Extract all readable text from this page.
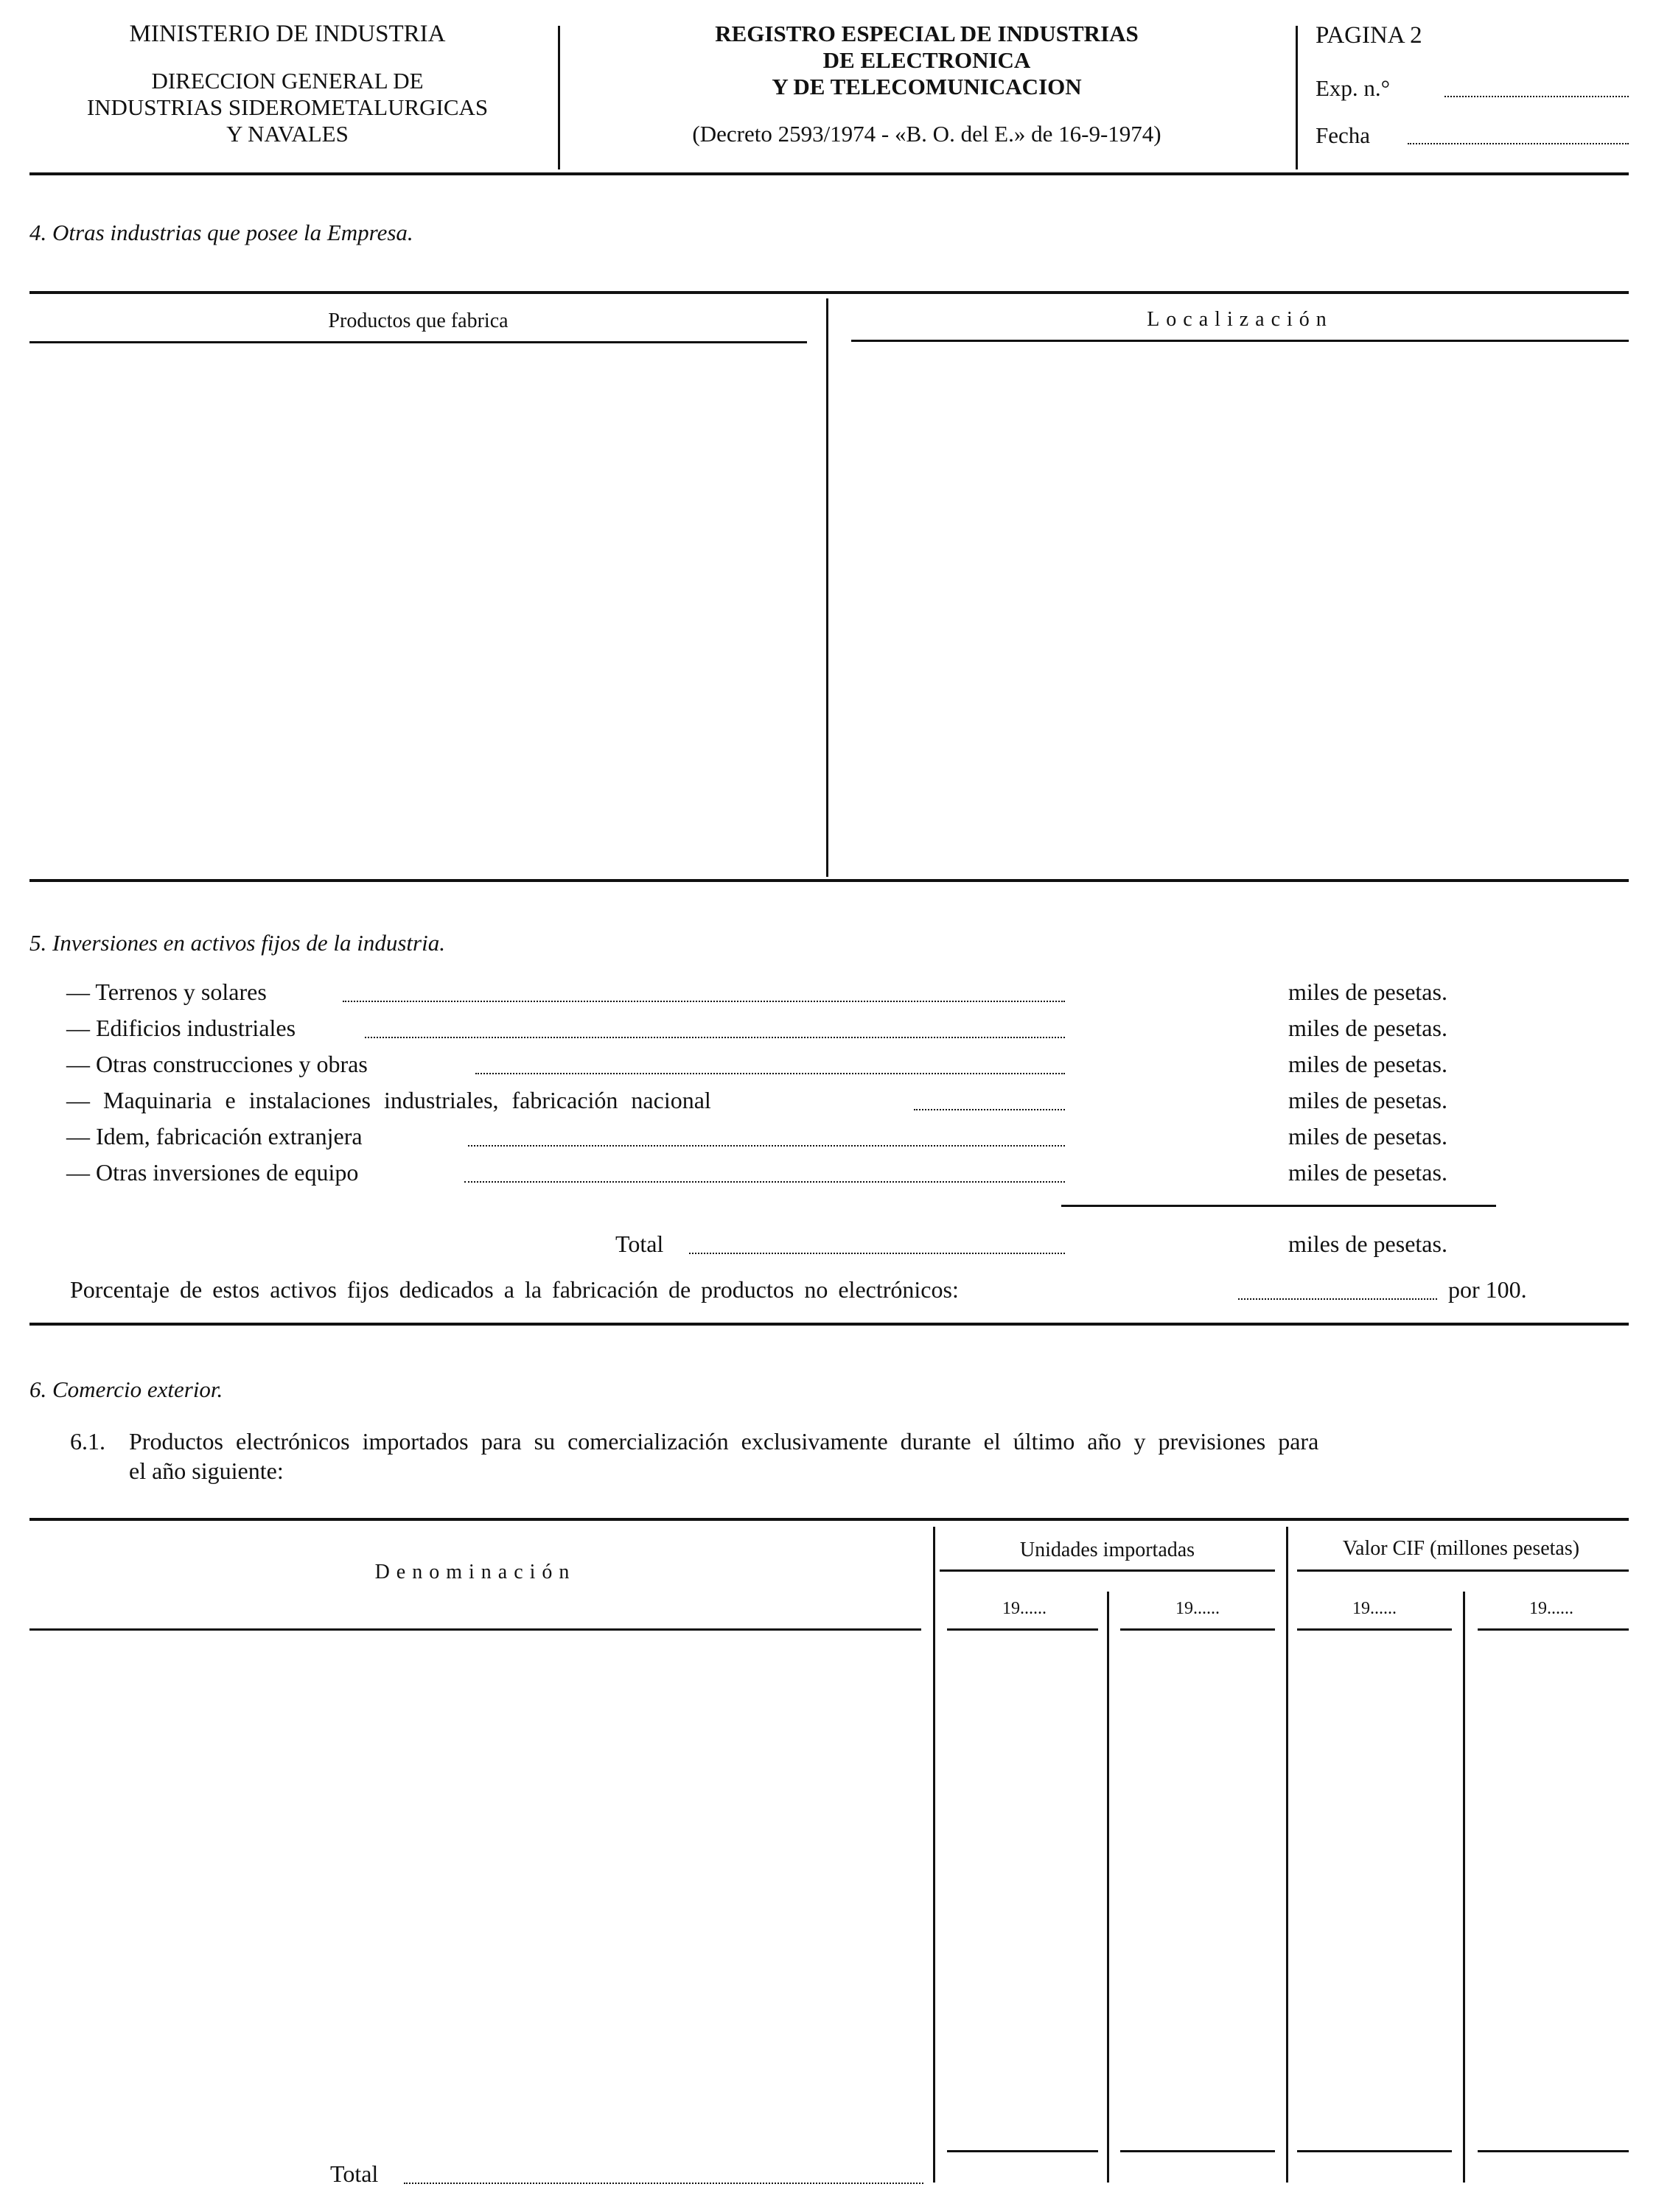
MINISTERIO DE INDUSTRIA
DIRECCION GENERAL DE
INDUSTRIAS SIDEROMETALURGICAS
Y NAVALES
REGISTRO ESPECIAL DE INDUSTRIAS
DE ELECTRONICA
Y DE TELECOMUNICACION
(Decreto 2593/1974 - «B. O. del E.» de 16-9-1974)
PAGINA 2
Exp. n.°
Fecha
4. Otras industrias que posee la Empresa.
Productos que fabrica	Localización
5. Inversiones en activos fijos de la industria.
— Terrenos y solares	miles de pesetas.
— Edificios industriales	miles de pesetas.
— Otras construcciones y obras	miles de pesetas.
— Maquinaria e instalaciones industriales, fabricación nacional	miles de pesetas.
— Idem, fabricación extranjera	miles de pesetas.
— Otras inversiones de equipo	miles de pesetas.
Total	miles de pesetas.
Porcentaje de estos activos fijos dedicados a la fabricación de productos no electrónicos:	por 100.
6. Comercio exterior.
6.1. Productos electrónicos importados para su comercialización exclusivamente durante el último año y previsiones para
el año siguiente:
Denominación
Unidades importadas	Valor CIF (millones pesetas)
19......	19......	19......	19......
Total
